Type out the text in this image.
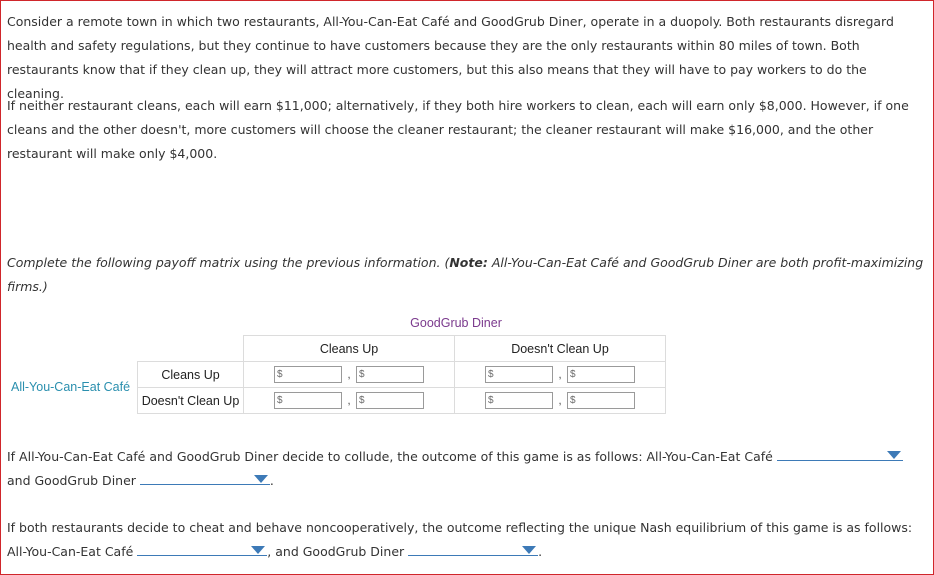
Consider a remote town in which two restaurants, All-You-Can-Eat Café and GoodGrub Diner, operate in a duopoly. Both restaurants disregard health and safety regulations, but they continue to have customers because they are the only restaurants within 80 miles of town. Both restaurants know that if they clean up, they will attract more customers, but this also means that they will have to pay workers to do the cleaning.

If neither restaurant cleans, each will earn $11,000; alternatively, if they both hire workers to clean, each will earn only $8,000. However, if one cleans and the other doesn't, more customers will choose the cleaner restaurant; the cleaner restaurant will make $16,000, and the other restaurant will make only $4,000.

Complete the following payoff matrix using the previous information. (Note: All-You-Can-Eat Café and GoodGrub Diner are both profit-maximizing firms.)

GoodGrub Diner
All-You-Can-Eat Café
	Cleans Up	Doesn't Clean Up
Cleans Up	$ , $	$ , $

Doesn't Clean Up	$ , $	$ , $

If All-You-Can-Eat Café and GoodGrub Diner decide to collude, the outcome of this game is as follows: All-You-Can-Eat Café
and GoodGrub Diner	.

If both restaurants decide to cheat and behave noncooperatively, the outcome reflecting the unique Nash equilibrium of this game is as follows: All-You-Can-Eat Café	, and GoodGrub Diner	.
